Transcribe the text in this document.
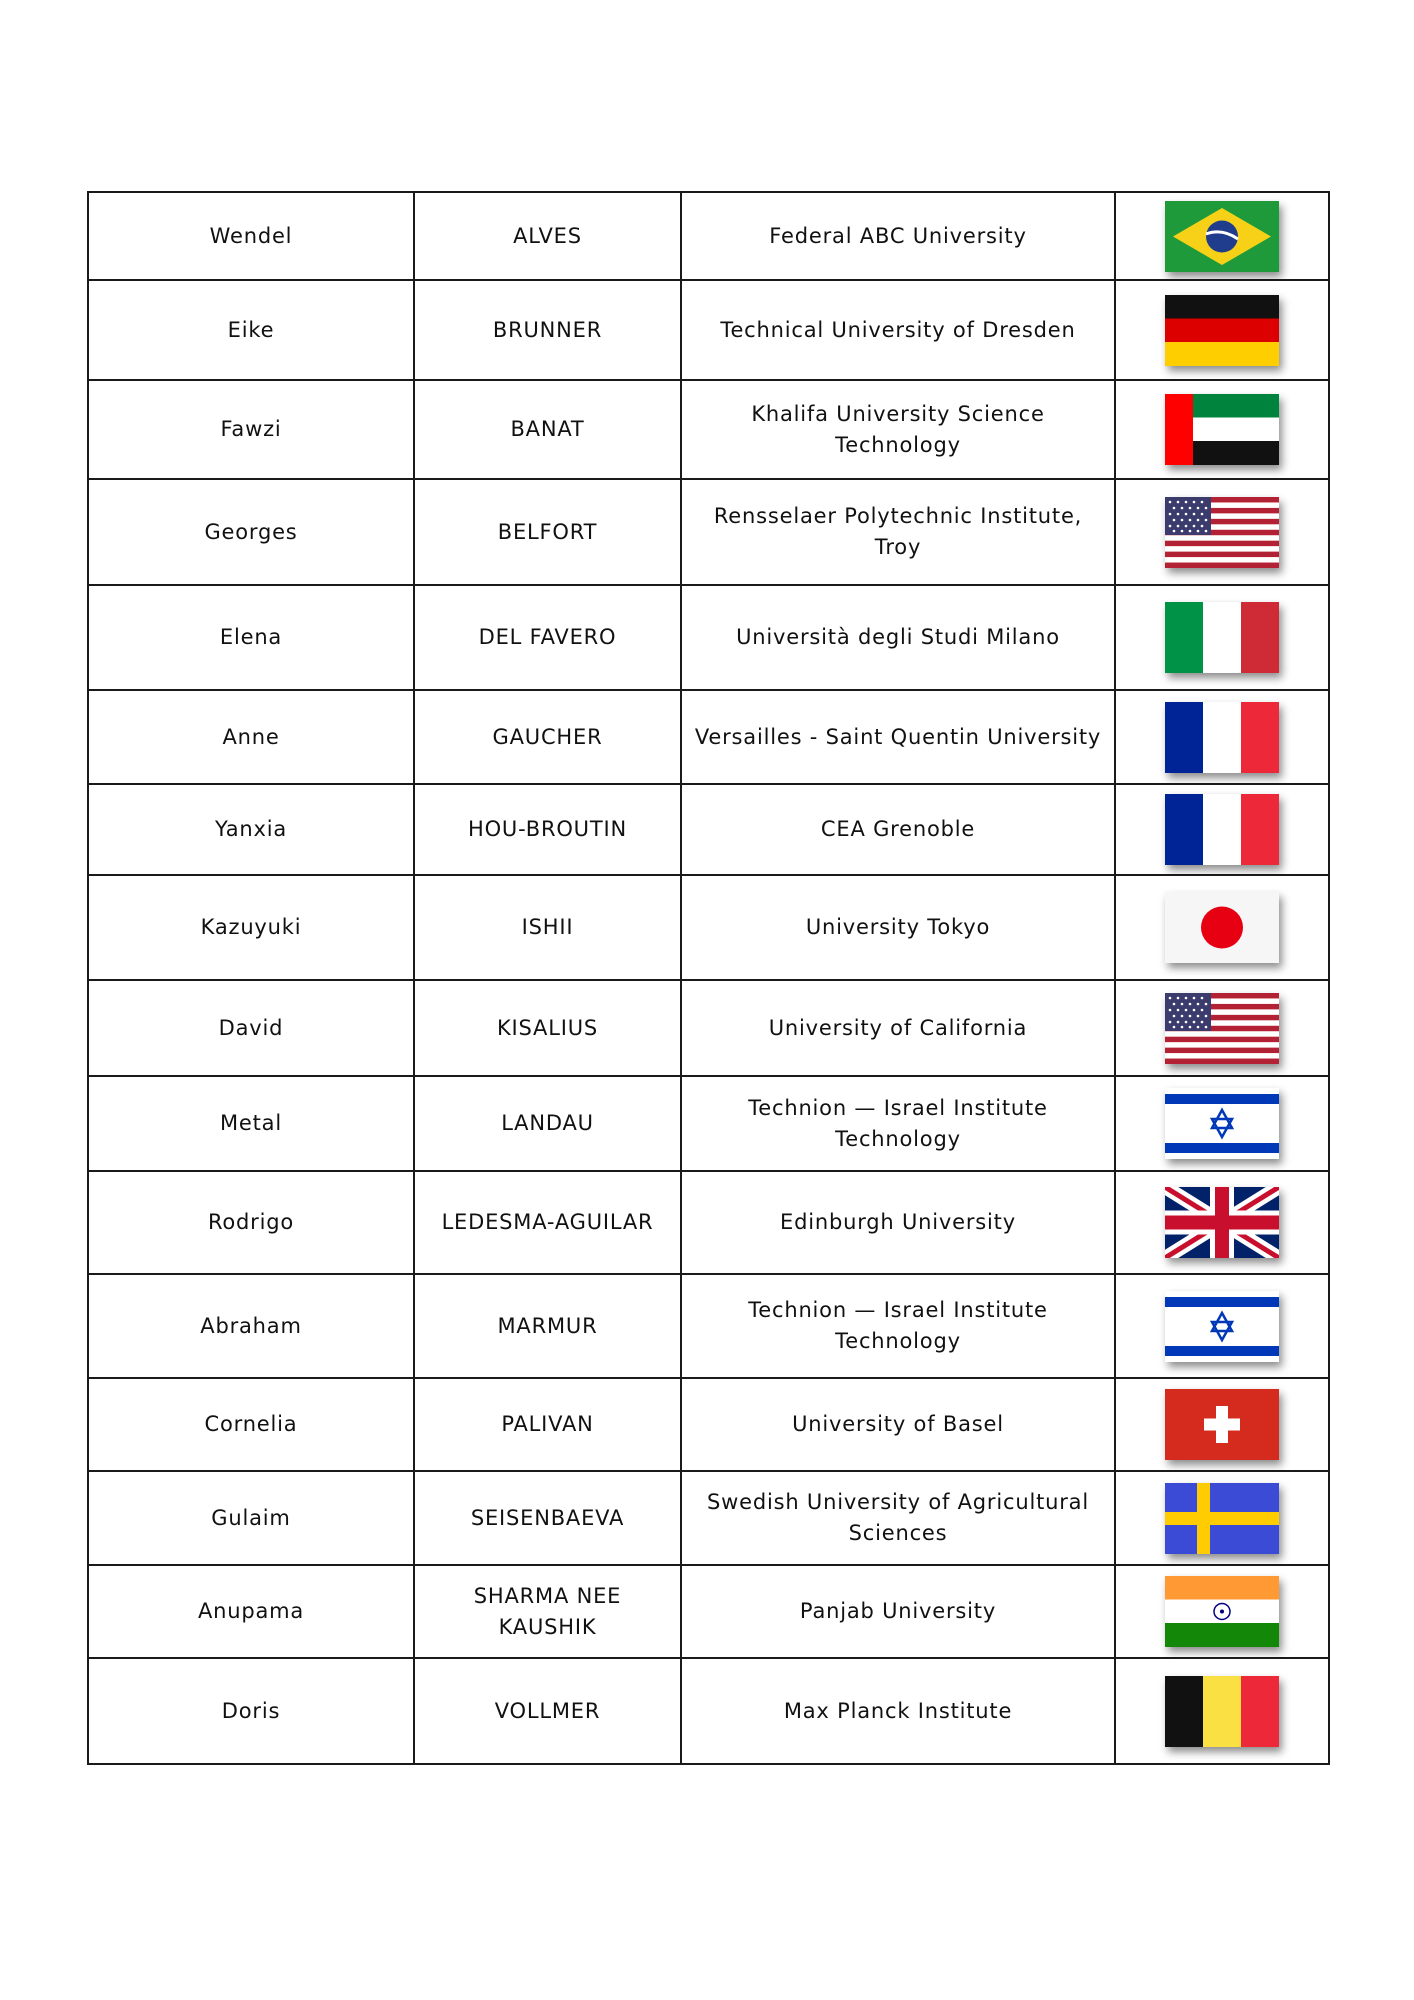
Wendel	ALVES	Federal ABC University	

Eike	BRUNNER	Technical University of Dresden	

Fawzi	BANAT	Khalifa University Science Technology	

Georges	BELFORT	Rensselaer Polytechnic Institute, Troy	

Elena	DEL FAVERO	Università degli Studi Milano	

Anne	GAUCHER	Versailles - Saint Quentin University	

Yanxia	HOU-BROUTIN	CEA Grenoble	

Kazuyuki	ISHII	University Tokyo	

David	KISALIUS	University of California	

Metal	LANDAU	Technion — Israel Institute Technology	

Rodrigo	LEDESMA-AGUILAR	Edinburgh University	

Abraham	MARMUR	Technion — Israel Institute Technology	

Cornelia	PALIVAN	University of Basel	

Gulaim	SEISENBAEVA	Swedish University of Agricultural Sciences	

Anupama	SHARMA NEE KAUSHIK	Panjab University	

Doris	VOLLMER	Max Planck Institute	
